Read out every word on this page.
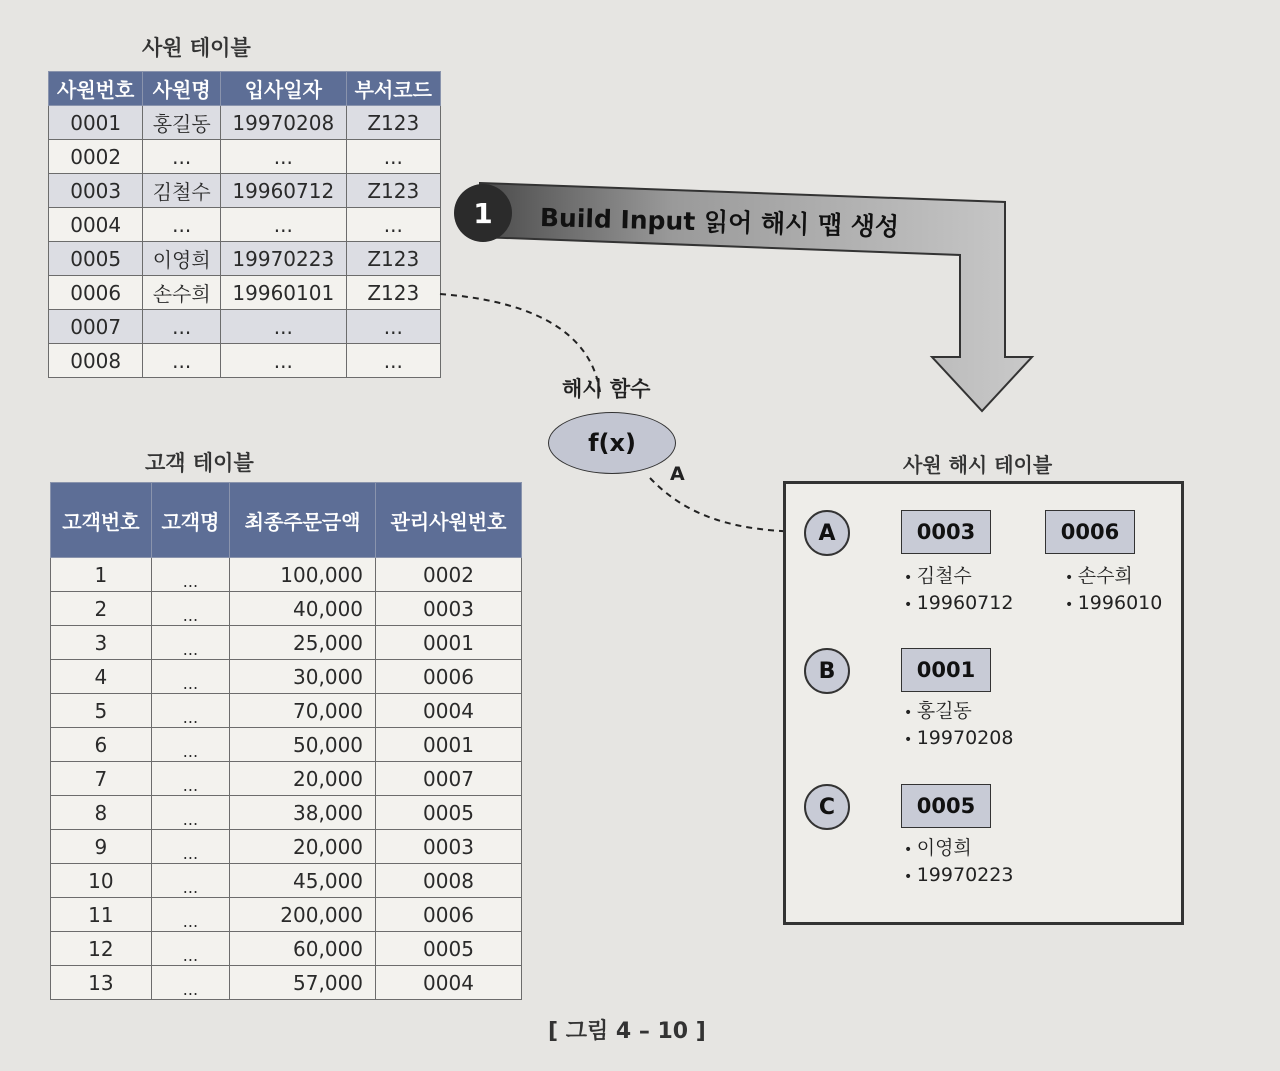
사원 테이블
사원번호	사원명	입사일자	부서코드
0001	홍길동	19970208	Z123
0002	...	...	...
0003	김철수	19960712	Z123
0004	...	...	...
0005	이영희	19970223	Z123
0006	손수희	19960101	Z123
0007	...	...	...
0008	...	...	...
고객 테이블
고객번호	고객명	최종주문금액	관리사원번호
1	...	100,000	0002
2	...	40,000	0003
3	...	25,000	0001
4	...	30,000	0006
5	...	70,000	0004
6	...	50,000	0001
7	...	20,000	0007
8	...	38,000	0005
9	...	20,000	0003
10	...	45,000	0008
11	...	200,000	0006
12	...	60,000	0005
13	...	57,000	0004
1	Build Input 읽어 해시 맵 생성
해시 함수
f(x)
A	사원 해시 테이블
A	0003
• 김철수
• 19960712
0006
• 손수희
• 1996010
B	0001
• 홍길동
• 19970208
C	0005
• 이영희
• 19970223
[ 그림 4 – 10 ]
